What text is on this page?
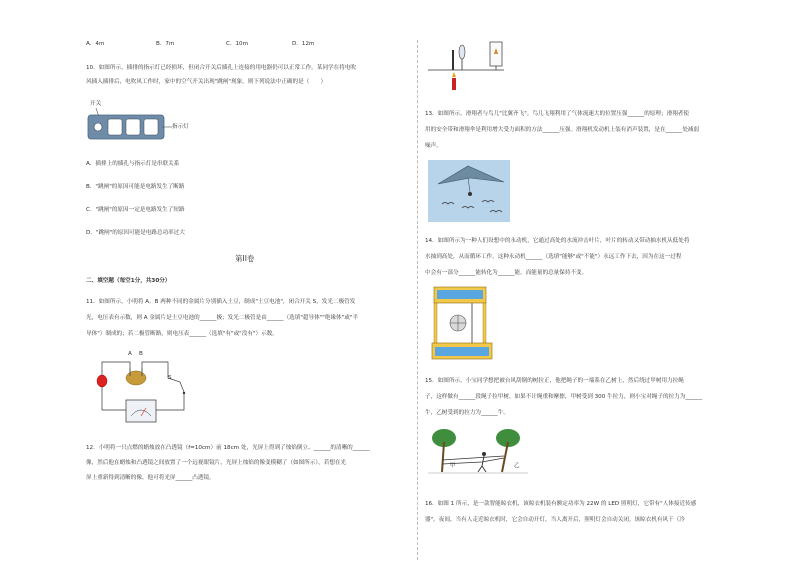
A．4m	B．7m	C．10m	D．12m
10．如图所示，插排的指示灯已经损坏，但闭合开关后插孔上连接的用电器仍可以正常工作。某同学在将电吹
风插入插排后，电吹风工作时，家中的空气开关出现"跳闸"现象，则下列说法中正确的是（　　）
开关
指示灯
A．插排上的插孔与指示灯是串联关系
B．"跳闸"的原因可能是电路发生了断路
C．"跳闸"的原因一定是电路发生了短路
D．"跳闸"的原因可能是电路总功率过大
第II卷
二、填空题（每空1分，共30分）
11．如图所示，小明将 A、B 两种不同的金属片分别插入土豆，制成"土豆电池"，闭合开关 S，发光二极管发
光，电压表有示数，则 A 金属片是土豆电池的______极；发光二极管是由______（选填"超导体""绝缘体"或"半
导体"）制成的；若二极管断路，则电压表______（选填"有"或"没有"）示数。
A B
S
12．小明将一只点燃的蜡烛放在凸透镜（f=10cm）前 18cm 处，光屏上得到了烛焰倒立、______的清晰的______
像，然后他在蜡烛和凸透镜之间放置了一个远视眼镜片，光屏上烛焰的像变模糊了（如图所示），若想在光
屏上重新得到清晰的像，他可将光屏______凸透镜。
13．如图所示，滑翔者与鸟儿"比翼齐飞"。鸟儿飞翔利用了气体流速大的位置压强______的原理；滑翔者使
用的安全带和滑翔伞是利用增大受力面积的方法______压强。滑翔机发动机上装有消声装置，是在______处减弱
噪声。
14．如图所示为一种人们设想中的永动机，它通过高处的水流冲击叶片，叶片的转动又带动抽水机从低处将
水抽到高处，从而循环工作，这种永动机______（选填"能够"或"不能"）永远工作下去，因为在这一过程
中会有一部分______能转化为______能，而能量的总量保持不变。
15．如图所示，小宝同学想把被台风刮倒的树拉正，他把绳子的一端系在乙树上，然后绕过甲树用力拉绳
子，这样做有______段绳子拉甲树。如果不计绳重和摩擦，甲树受到 300 牛拉力，则小宝对绳子的拉力为______
牛，乙树受到的拉力为______牛。
甲	乙
16．如图 1 所示，是一款智能晾衣机，该晾衣机装有额定功率为 22W 的 LED 照明灯，它带有"人体接近传感
器"。夜间，当有人走近晾衣机时，它会自动开灯，当人离开后，照明灯会自动关闭。该晾衣机有风干（冷
